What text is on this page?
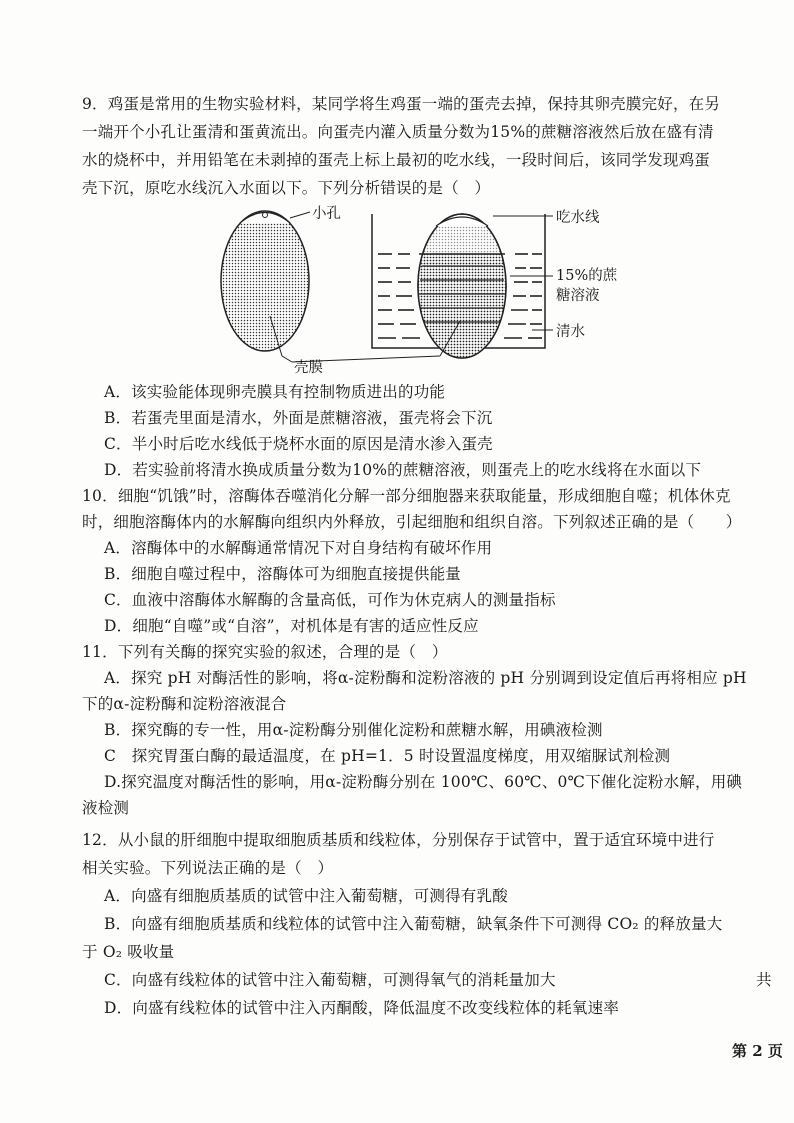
9．鸡蛋是常用的生物实验材料，某同学将生鸡蛋一端的蛋壳去掉，保持其卵壳膜完好，在另
一端开个小孔让蛋清和蛋黄流出。向蛋壳内灌入质量分数为15%的蔗糖溶液然后放在盛有清
水的烧杯中，并用铅笔在未剥掉的蛋壳上标上最初的吃水线，一段时间后，该同学发现鸡蛋
壳下沉，原吃水线沉入水面以下。下列分析错误的是（　）
小孔
壳膜
吃水线
15%的蔗
糖溶液
清水
A．该实验能体现卵壳膜具有控制物质进出的功能
B．若蛋壳里面是清水，外面是蔗糖溶液，蛋壳将会下沉
C．半小时后吃水线低于烧杯水面的原因是清水渗入蛋壳
D．若实验前将清水换成质量分数为10%的蔗糖溶液，则蛋壳上的吃水线将在水面以下
10．细胞“饥饿”时，溶酶体吞噬消化分解一部分细胞器来获取能量，形成细胞自噬；机体休克
时，细胞溶酶体内的水解酶向组织内外释放，引起细胞和组织自溶。下列叙述正确的是（　　）
A．溶酶体中的水解酶通常情况下对自身结构有破坏作用
B．细胞自噬过程中，溶酶体可为细胞直接提供能量
C．血液中溶酶体水解酶的含量高低，可作为休克病人的测量指标
D．细胞“自噬”或“自溶”，对机体是有害的适应性反应
11．下列有关酶的探究实验的叙述，合理的是（　）
A．探究 pH 对酶活性的影响，将α-淀粉酶和淀粉溶液的 pH 分别调到设定值后再将相应 pH
下的α-淀粉酶和淀粉溶液混合
B．探究酶的专一性，用α-淀粉酶分别催化淀粉和蔗糖水解，用碘液检测
C　探究胃蛋白酶的最适温度，在 pH=1．5 时设置温度梯度，用双缩脲试剂检测
D.探究温度对酶活性的影响，用α-淀粉酶分别在 100℃、60℃、0℃下催化淀粉水解，用碘
液检测
12．从小鼠的肝细胞中提取细胞质基质和线粒体，分别保存于试管中，置于适宜环境中进行
相关实验。下列说法正确的是（　）
A．向盛有细胞质基质的试管中注入葡萄糖，可测得有乳酸
B．向盛有细胞质基质和线粒体的试管中注入葡萄糖，缺氧条件下可测得 CO₂ 的释放量大
于 O₂ 吸收量
C．向盛有线粒体的试管中注入葡萄糖，可测得氧气的消耗量加大
D．向盛有线粒体的试管中注入丙酮酸，降低温度不改变线粒体的耗氧速率
共
第 2 页
